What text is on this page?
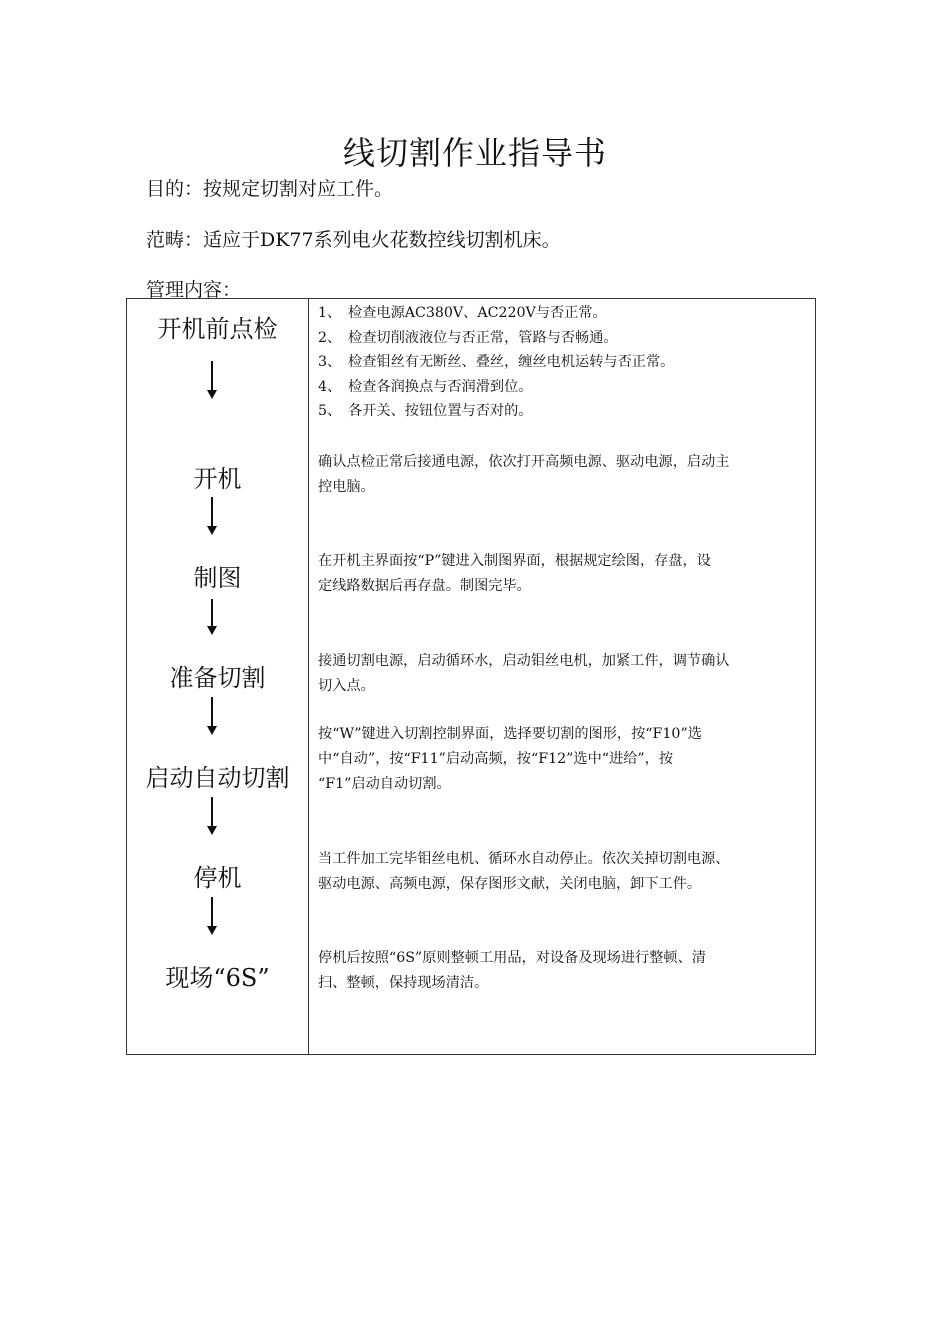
线切割作业指导书
目的：按规定切割对应工件。
范畴：适应于DK77系列电火花数控线切割机床。
管理内容：
开机前点检
开机
制图
准备切割
启动自动切割
停机
现场“6S”
1、 检查电源AC380V、AC220V与否正常。
2、 检查切削液液位与否正常，管路与否畅通。
3、 检查钼丝有无断丝、叠丝，缠丝电机运转与否正常。
4、 检查各润换点与否润滑到位。
5、 各开关、按钮位置与否对的。
确认点检正常后接通电源，依次打开高频电源、驱动电源，启动主
控电脑。
在开机主界面按“P”键进入制图界面，根据规定绘图，存盘，设
定线路数据后再存盘。制图完毕。
接通切割电源，启动循环水，启动钼丝电机，加紧工件，调节确认
切入点。
按“W”键进入切割控制界面，选择要切割的图形，按“F10”选
中“自动”，按“F11”启动高频，按“F12”选中“进给”，按
“F1”启动自动切割。
当工件加工完毕钼丝电机、循环水自动停止。依次关掉切割电源、
驱动电源、高频电源，保存图形文献，关闭电脑，卸下工件。
停机后按照“6S”原则整顿工用品，对设备及现场进行整顿、清
扫、整顿，保持现场清洁。
